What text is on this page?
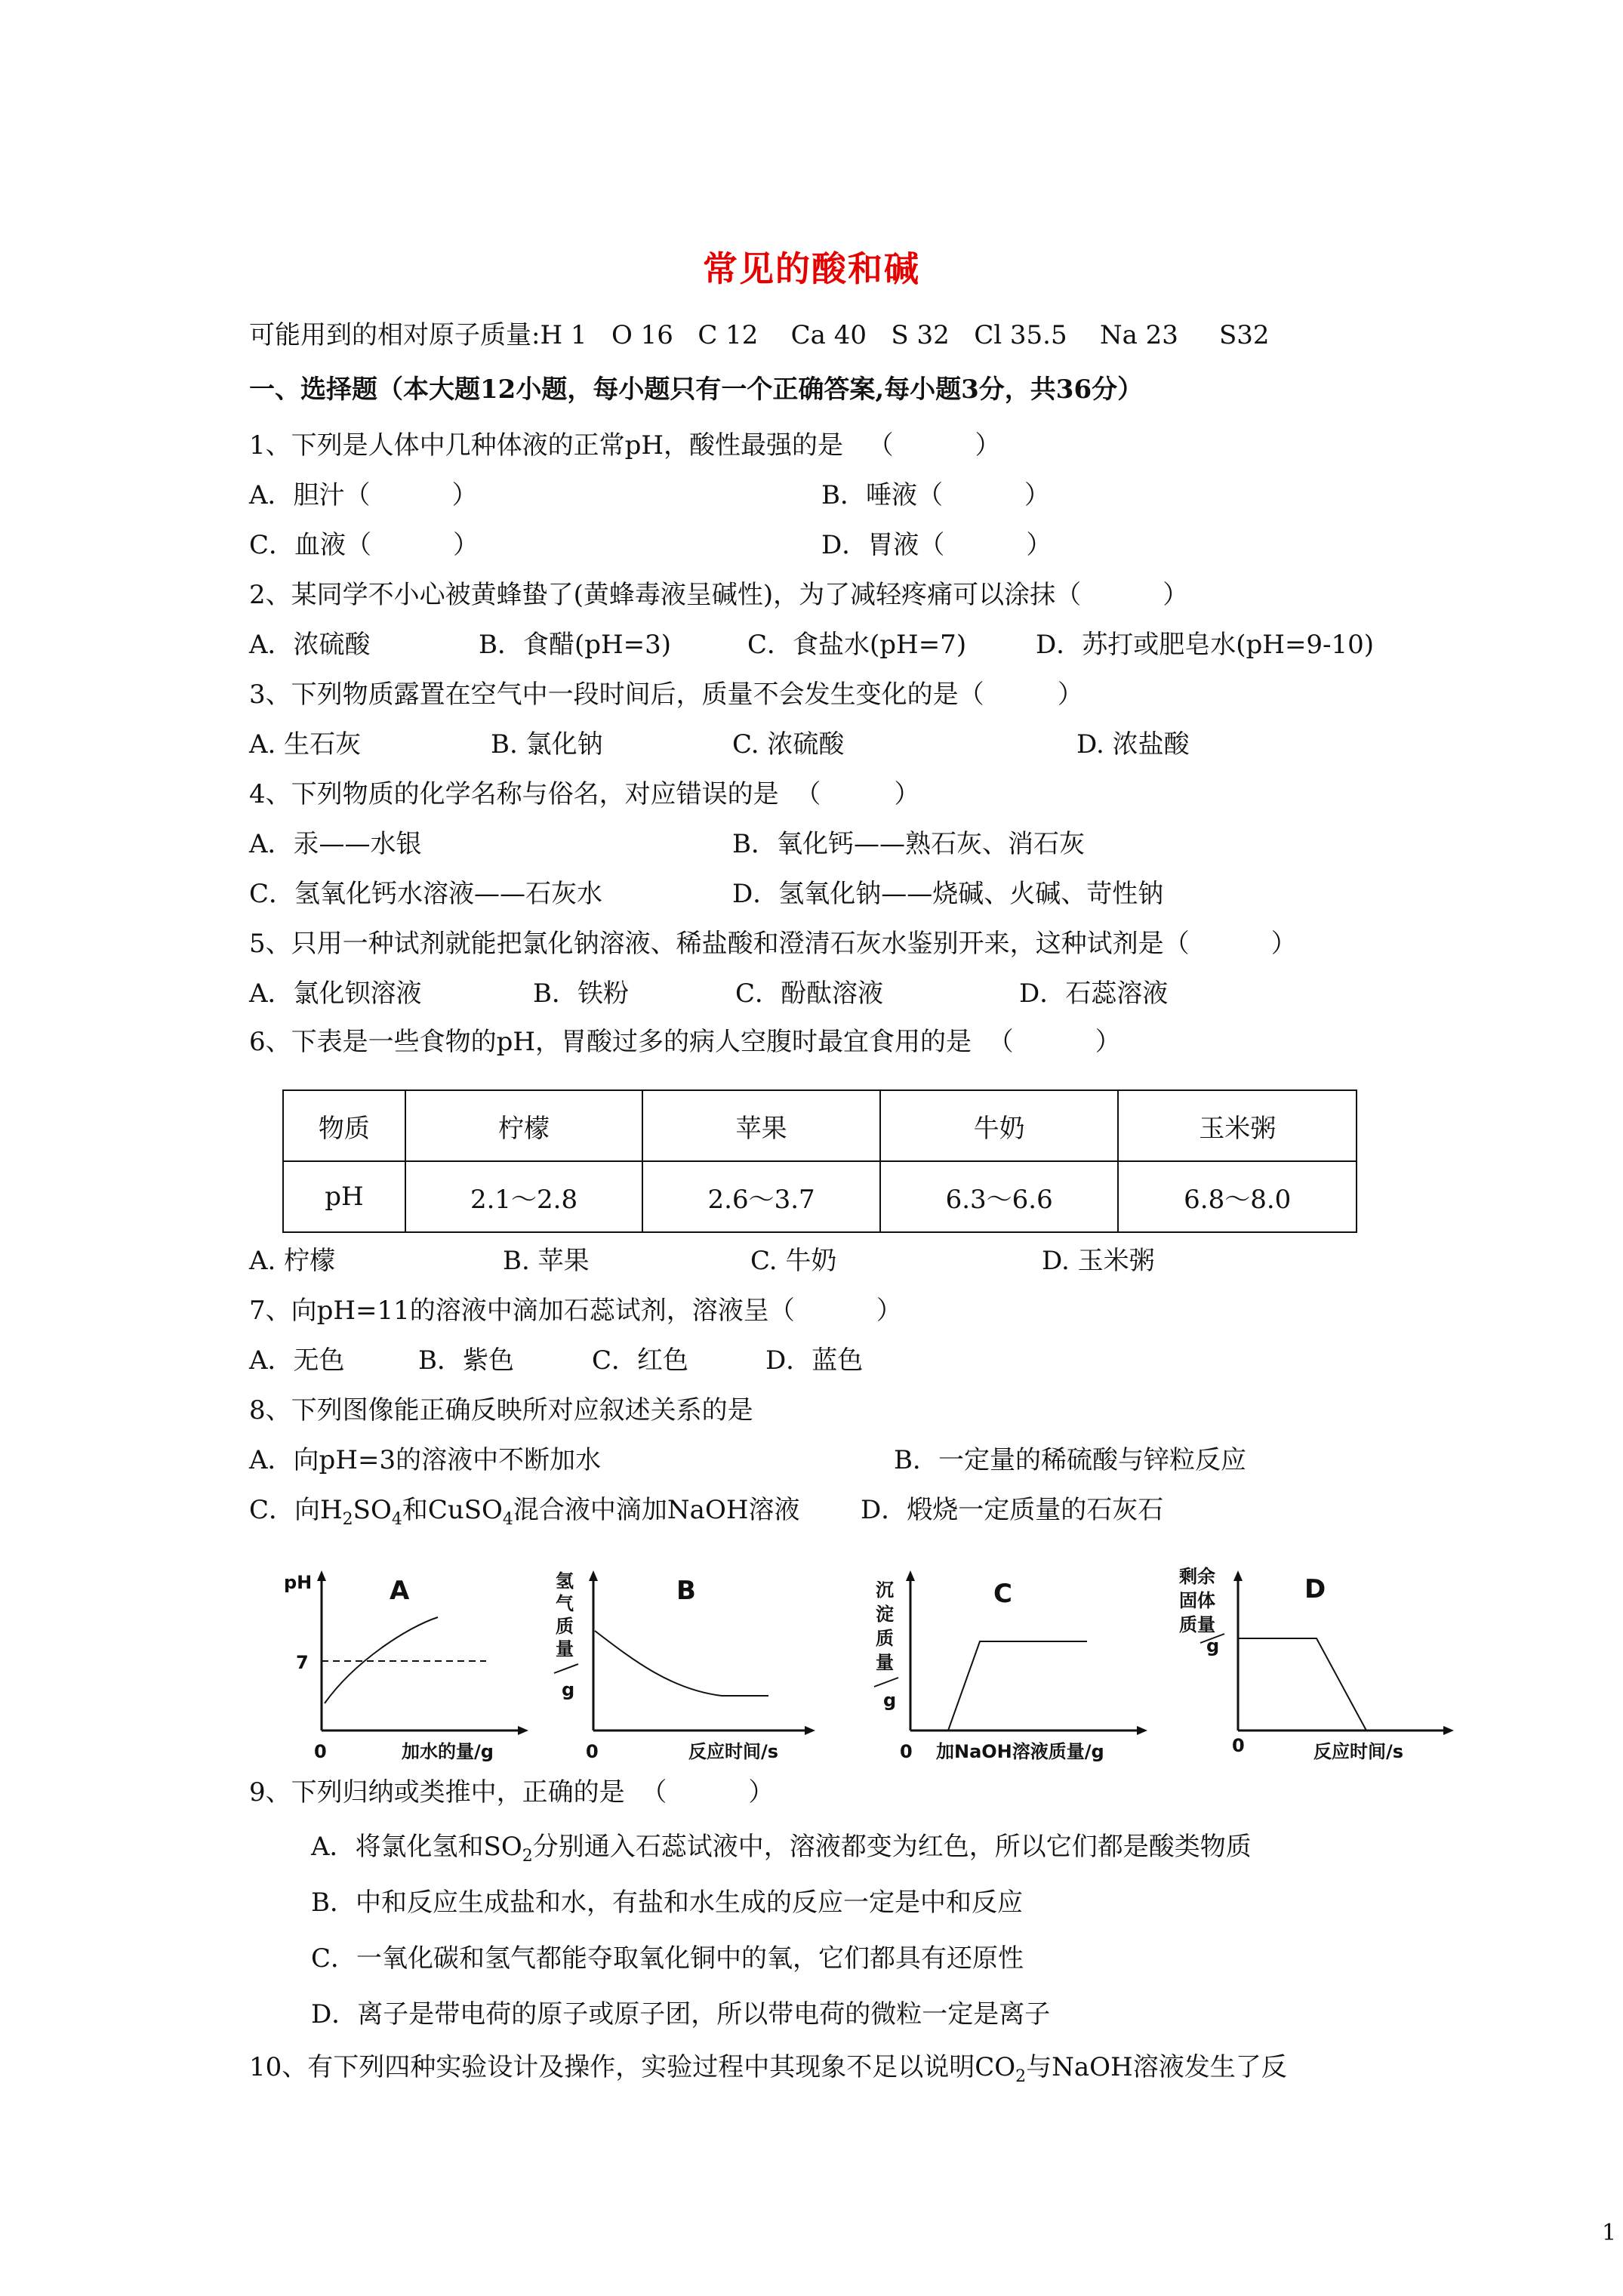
常见的酸和碱
可能用到的相对原子质量:H 1   O 16   C 12    Ca 40   S 32   Cl 35.5    Na 23     S32
一、选择题（本大题12小题，每小题只有一个正确答案,每小题3分，共36分）
1、下列是人体中几种体液的正常pH，酸性最强的是   （          ）
A．胆汁（          ）	B．唾液（          ）
C．血液（          ）	D．胃液（          ）
2、某同学不小心被黄蜂蛰了(黄蜂毒液呈碱性)，为了减轻疼痛可以涂抹（          ）
A．浓硫酸	B．食醋(pH=3)	C．食盐水(pH=7)	D．苏打或肥皂水(pH=9-10)
3、下列物质露置在空气中一段时间后，质量不会发生变化的是（         ）
A. 生石灰	B. 氯化钠	C. 浓硫酸	D. 浓盐酸
4、下列物质的化学名称与俗名，对应错误的是  （         ）
A．汞——水银	B．氧化钙——熟石灰、消石灰
C．氢氧化钙水溶液——石灰水	D．氢氧化钠——烧碱、火碱、苛性钠
5、只用一种试剂就能把氯化钠溶液、稀盐酸和澄清石灰水鉴别开来，这种试剂是（          ）
A．氯化钡溶液	B．铁粉	C．酚酞溶液	D．石蕊溶液
6、下表是一些食物的pH，胃酸过多的病人空腹时最宜食用的是  （          ）
物质	柠檬	苹果	牛奶	玉米粥
pH	2.1～2.8	2.6～3.7	6.3～6.6	6.8～8.0
A. 柠檬	B. 苹果	C. 牛奶	D. 玉米粥
7、向pH=11的溶液中滴加石蕊试剂，溶液呈（          ）
A．无色	B．紫色	C．红色	D．蓝色
8、下列图像能正确反映所对应叙述关系的是
A．向pH=3的溶液中不断加水	B．一定量的稀硫酸与锌粒反应
C．向$H_2SO_4$和CuSO$_4$混合液中滴加NaOH溶液 D．煅烧一定质量的石灰石
pH	A
7
0	加水的量/g
氢
气
质
量
g
B
0	反应时间/s
沉
淀
质
量
g
C
0 加NaOH溶液质量/g
剩余
固体
质量
g
D
0	反应时间/s
9、下列归纳或类推中，正确的是  （          ）
A．将氯化氢和$SO_2$分别通入石蕊试液中，溶液都变为红色，所以它们都是酸类物质
B．中和反应生成盐和水，有盐和水生成的反应一定是中和反应
C．一氧化碳和氢气都能夺取氧化铜中的氧，它们都具有还原性
D．离子是带电荷的原子或原子团，所以带电荷的微粒一定是离子
10、有下列四种实验设计及操作，实验过程中其现象不足以说明$CO_2$与NaOH溶液发生了反
1
